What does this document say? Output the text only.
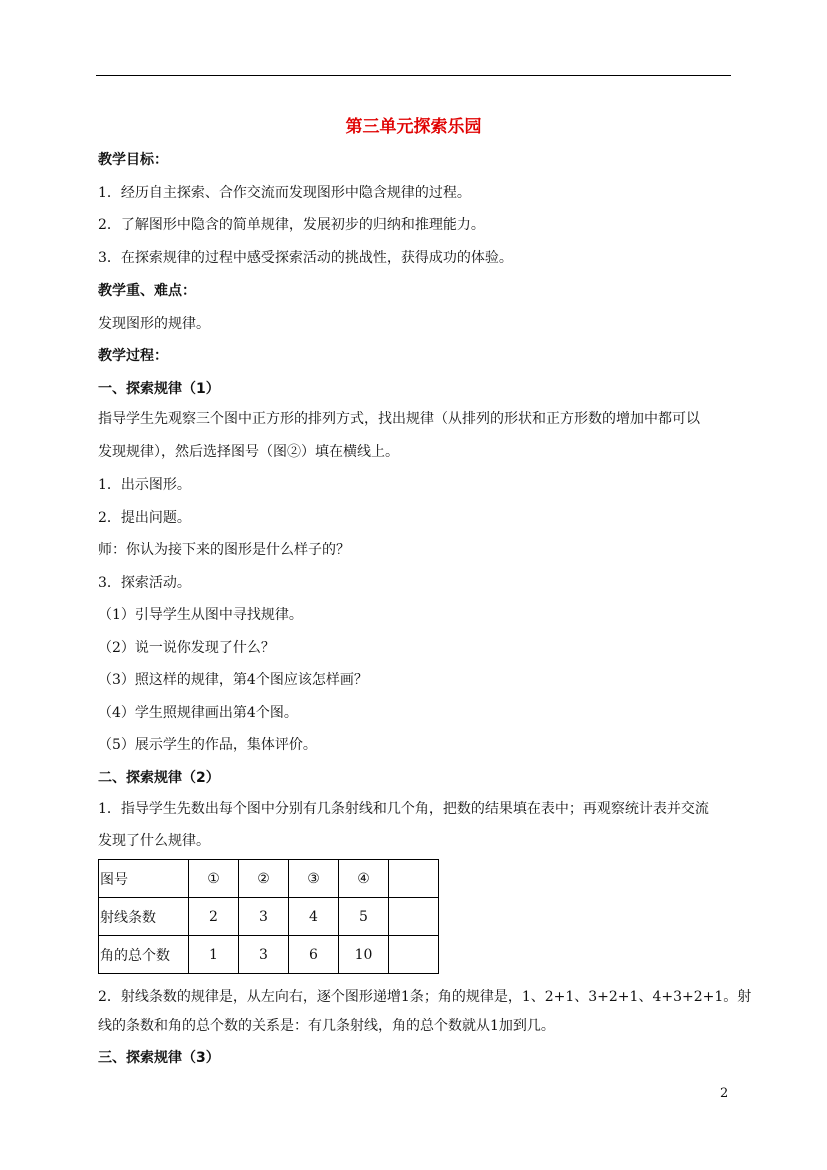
第三单元探索乐园
教学目标：
1．经历自主探索、合作交流而发现图形中隐含规律的过程。
2．了解图形中隐含的简单规律，发展初步的归纳和推理能力。
3．在探索规律的过程中感受探索活动的挑战性，获得成功的体验。
教学重、难点：
发现图形的规律。
教学过程：
一、探索规律（1）
指导学生先观察三个图中正方形的排列方式，找出规律（从排列的形状和正方形数的增加中都可以
发现规律），然后选择图号（图②）填在横线上。
1．出示图形。
2．提出问题。
师：你认为接下来的图形是什么样子的？
3．探索活动。
（1）引导学生从图中寻找规律。
（2）说一说你发现了什么？
（3）照这样的规律，第4个图应该怎样画？
（4）学生照规律画出第4个图。
（5）展示学生的作品，集体评价。
二、探索规律（2）
1．指导学生先数出每个图中分别有几条射线和几个角，把数的结果填在表中；再观察统计表并交流
发现了什么规律。
图号	①	②	③	④	
射线条数	2	3	4	5	
角的总个数	1	3	6	10	
2．射线条数的规律是，从左向右，逐个图形递增1条；角的规律是，1、2+1、3+2+1、4+3+2+1。射
线的条数和角的总个数的关系是：有几条射线，角的总个数就从1加到几。
三、探索规律（3）
2
